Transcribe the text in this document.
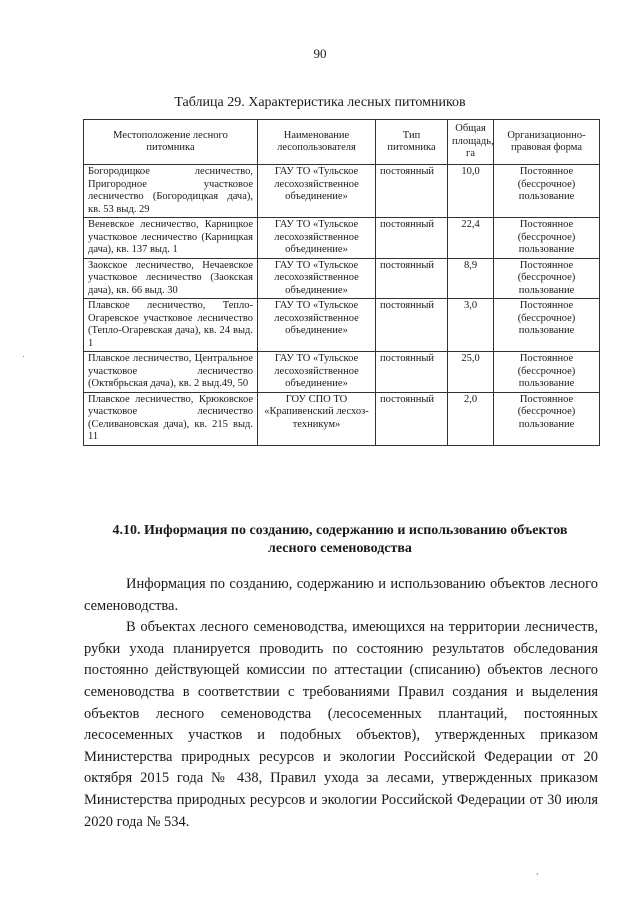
90
Таблица 29. Характеристика лесных питомников
Местоположение лесного питомника	Наименование лесопользователя	Тип питомника	Общая площадь, га	Организационно-правовая форма
Богородицкое лесничество, Пригородное участковое лесничество (Богородицкая дача), кв. 53 выд. 29	ГАУ ТО «Тульское лесохозяйственное объединение»	постоянный	10,0	Постоянное (бессрочное) пользование
Веневское лесничество, Карницкое участковое лесничество (Карницкая дача), кв. 137 выд. 1	ГАУ ТО «Тульское лесохозяйственное объединение»	постоянный	22,4	Постоянное (бессрочное) пользование
Заокское лесничество, Нечаевское участковое лесничество (Заокская дача), кв. 66 выд. 30	ГАУ ТО «Тульское лесохозяйственное объединение»	постоянный	8,9	Постоянное (бессрочное) пользование
Плавское лесничество, Тепло-Огаревское участковое лесничество (Тепло-Огаревская дача), кв. 24 выд. 1	ГАУ ТО «Тульское лесохозяйственное объединение»	постоянный	3,0	Постоянное (бессрочное) пользование
Плавское лесничество, Центральное участковое лесничество (Октябрьская дача), кв. 2 выд.49, 50	ГАУ ТО «Тульское лесохозяйственное объединение»	постоянный	25,0	Постоянное (бессрочное) пользование
Плавское лесничество, Крюковское участковое лесничество (Селивановская дача), кв. 215 выд. 11	ГОУ СПО ТО «Крапивенский лесхоз-техникум»	постоянный	2,0	Постоянное (бессрочное) пользование
4.10. Информация по созданию, содержанию и использованию объектов лесного семеноводства

Информация по созданию, содержанию и использованию объектов лесного семеноводства.

В объектах лесного семеноводства, имеющихся на территории лесничеств, рубки ухода планируется проводить по состоянию результатов обследования постоянно действующей комиссии по аттестации (списанию) объектов лесного семеноводства в соответствии с требованиями Правил создания и выделения объектов лесного семеноводства (лесосеменных плантаций, постоянных лесосеменных участков и подобных объектов), утвержденных приказом Министерства природных ресурсов и экологии Российской Федерации от 20 октября 2015 года № 438, Правил ухода за лесами, утвержденных приказом Министерства природных ресурсов и экологии Российской Федерации от 30 июля 2020 года № 534.

·
,
